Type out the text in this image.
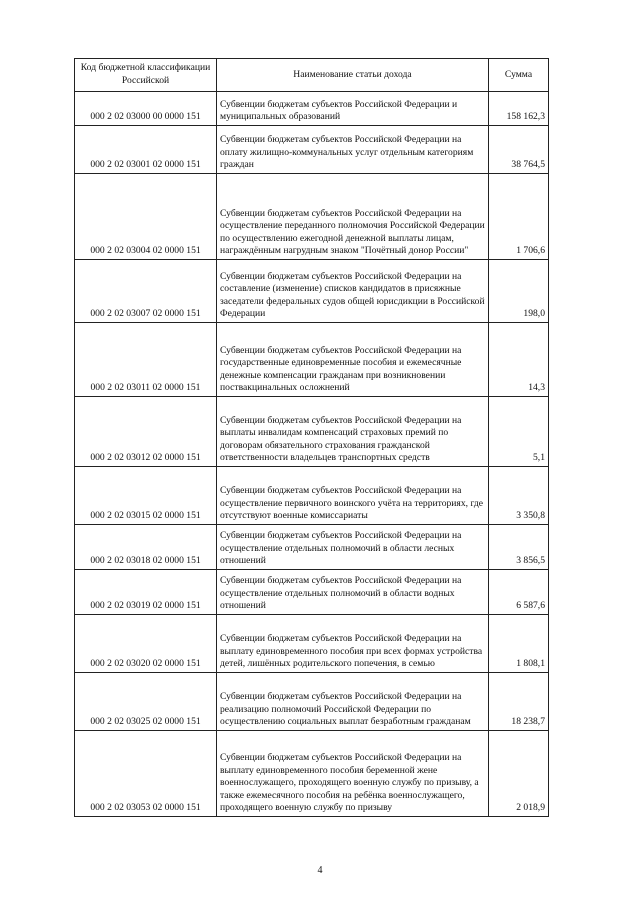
Код бюджетной классификации Российской	Наименование статьи дохода	Сумма
000 2 02 03000 00 0000 151	Субвенции бюджетам субъектов Российской Федерации и муниципальных образований	158 162,3
000 2 02 03001 02 0000 151	Субвенции бюджетам субъектов Российской Федерации на оплату жилищно-коммунальных услуг отдельным категориям граждан	38 764,5
000 2 02 03004 02 0000 151	Субвенции бюджетам субъектов Российской Федерации на осуществление переданного полномочия Российской Федерации по осуществлению ежегодной денежной выплаты лицам, награждённым нагрудным знаком "Почётный донор России"	1 706,6
000 2 02 03007 02 0000 151	Субвенции бюджетам субъектов Российской Федерации на составление (изменение) списков кандидатов в присяжные заседатели федеральных судов общей юрисдикции в Российской Федерации	198,0
000 2 02 03011 02 0000 151	Субвенции бюджетам субъектов Российской Федерации на государственные единовременные пособия и ежемесячные денежные компенсации гражданам при возникновении поствакцинальных осложнений	14,3
000 2 02 03012 02 0000 151	Субвенции бюджетам субъектов Российской Федерации на выплаты инвалидам компенсаций страховых премий по договорам обязательного страхования гражданской ответственности владельцев транспортных средств	5,1
000 2 02 03015 02 0000 151	Субвенции бюджетам субъектов Российской Федерации на осуществление первичного воинского учёта на территориях, где отсутствуют военные комиссариаты	3 350,8
000 2 02 03018 02 0000 151	Субвенции бюджетам субъектов Российской Федерации на осуществление отдельных полномочий в области лесных отношений	3 856,5
000 2 02 03019 02 0000 151	Субвенции бюджетам субъектов Российской Федерации на осуществление отдельных полномочий в области водных отношений	6 587,6
000 2 02 03020 02 0000 151	Субвенции бюджетам субъектов Российской Федерации на выплату единовременного пособия при всех формах устройства детей, лишённых родительского попечения, в семью	1 808,1
000 2 02 03025 02 0000 151	Субвенции бюджетам субъектов Российской Федерации на реализацию полномочий Российской Федерации по осуществлению социальных выплат безработным гражданам	18 238,7
000 2 02 03053 02 0000 151	Субвенции бюджетам субъектов Российской Федерации на выплату единовременного пособия беременной жене военнослужащего, проходящего военную службу по призыву, а также ежемесячного пособия на ребёнка военнослужащего, проходящего военную службу по призыву	2 018,9
4
